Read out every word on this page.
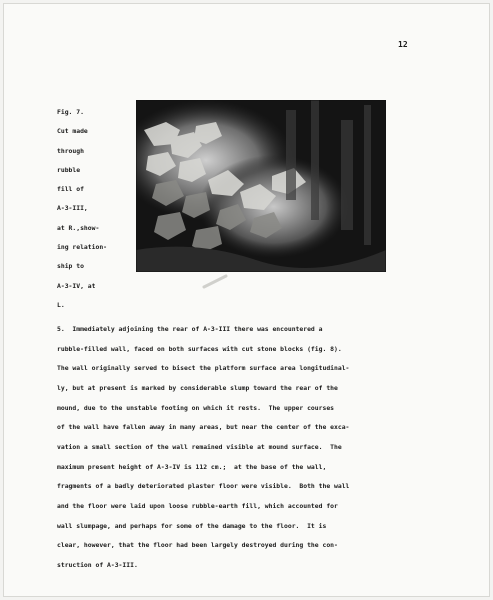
12
Fig. 7.
Cut made
through
rubble
fill of
A-3-III,
at R.,show-
ing relation-
ship to
A-3-IV, at
L.
5.  Immediately adjoining the rear of A-3-III there was encountered a
rubble-filled wall, faced on both surfaces with cut stone blocks (fig. 8).
The wall originally served to bisect the platform surface area longitudinal-
ly, but at present is marked by considerable slump toward the rear of the
mound, due to the unstable footing on which it rests.  The upper courses
of the wall have fallen away in many areas, but near the center of the exca-
vation a small section of the wall remained visible at mound surface.  The
maximum present height of A-3-IV is 112 cm.;  at the base of the wall,
fragments of a badly deteriorated plaster floor were visible.  Both the wall
and the floor were laid upon loose rubble-earth fill, which accounted for
wall slumpage, and perhaps for some of the damage to the floor.  It is
clear, however, that the floor had been largely destroyed during the con-
struction of A-3-III.
